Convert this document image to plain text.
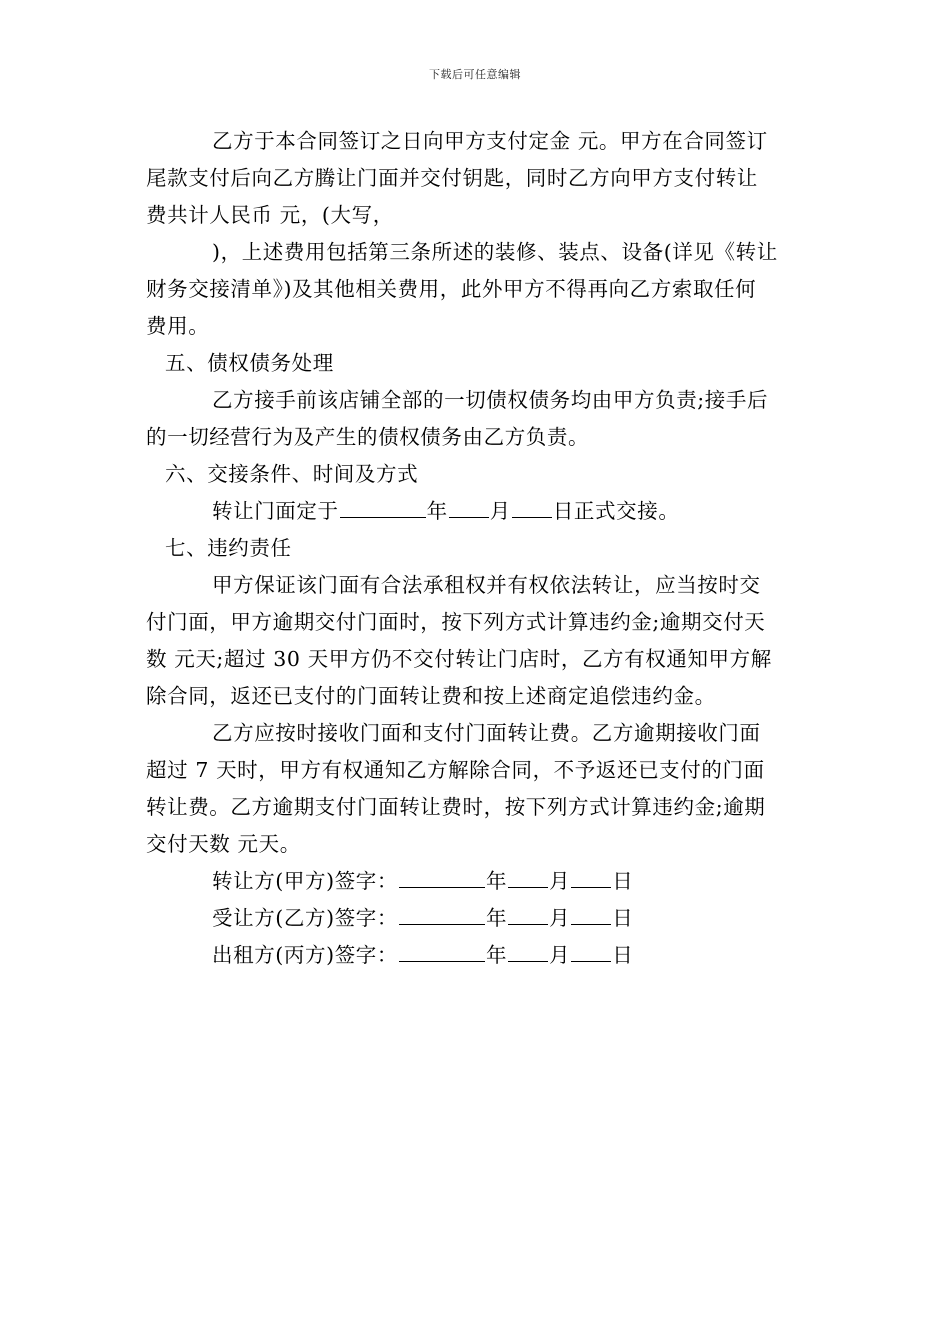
下载后可任意编辑
乙方于本合同签订之日向甲方支付定金 元。甲方在合同签订
尾款支付后向乙方腾让门面并交付钥匙，同时乙方向甲方支付转让
费共计人民币 元，(大写，
)，上述费用包括第三条所述的装修、装点、设备(详见《转让
财务交接清单》)及其他相关费用，此外甲方不得再向乙方索取任何
费用。
五、债权债务处理
乙方接手前该店铺全部的一切债权债务均由甲方负责;接手后
的一切经营行为及产生的债权债务由乙方负责。
六、交接条件、时间及方式
转让门面定于	年 月 日正式交接。
七、违约责任
甲方保证该门面有合法承租权并有权依法转让，应当按时交
付门面，甲方逾期交付门面时，按下列方式计算违约金;逾期交付天
数 元天;超过 30 天甲方仍不交付转让门店时，乙方有权通知甲方解
除合同，返还已支付的门面转让费和按上述商定追偿违约金。
乙方应按时接收门面和支付门面转让费。乙方逾期接收门面
超过 7 天时，甲方有权通知乙方解除合同，不予返还已支付的门面
转让费。乙方逾期支付门面转让费时，按下列方式计算违约金;逾期
交付天数 元天。
转让方(甲方)签字：	年 月 日
受让方(乙方)签字：	年 月 日
出租方(丙方)签字：	年 月 日
